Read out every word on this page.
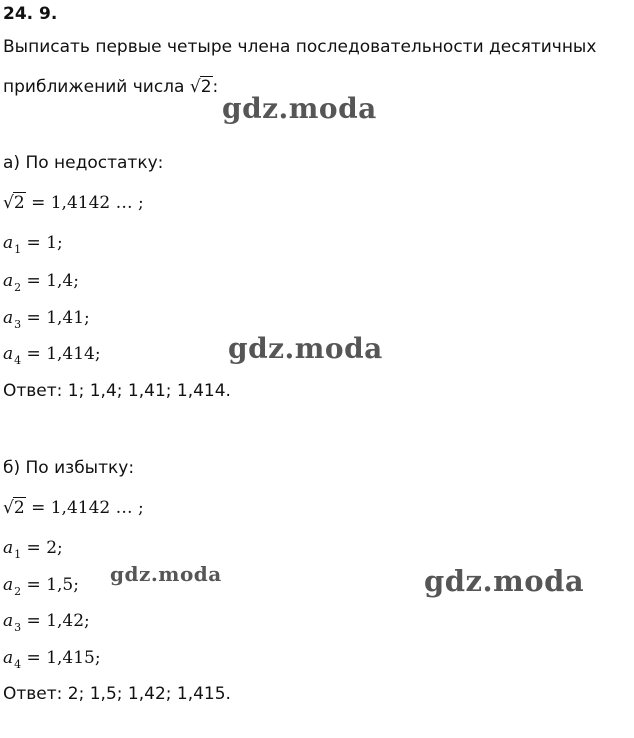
24. 9.
Выписать первые четыре члена последовательности десятичных
приближений числа √2:
gdz.moda
а) По недостатку:
√2 = 1,4142 … ;
$a_1 = 1$;
$a_2 = 1,4$;
$a_3 = 1,41$;
$a_4 = 1,414$;	gdz.moda
Ответ: 1; 1,4; 1,41; 1,414.
б) По избытку:
√2 = 1,4142 … ;
$a_1 = 2$;
$a_2 = 1,5$;
$a_3 = 1,42$;
$a_4 = 1,415$;
gdz.moda	gdz.moda
Ответ: 2; 1,5; 1,42; 1,415.
